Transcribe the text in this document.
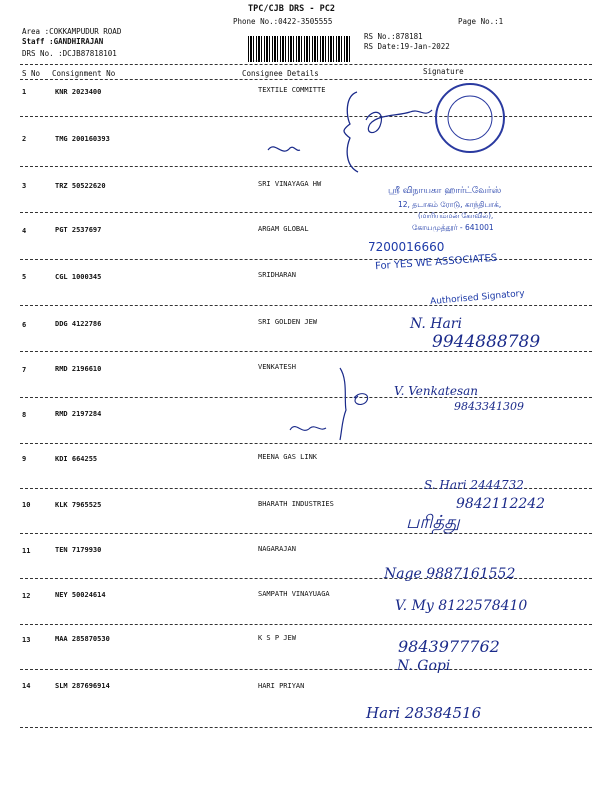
TPC/CJB DRS - PC2
Phone No.:0422-3505555	Page No.:1
Area :COKKAMPUDUR ROAD
Staff :GANDHIRAJAN
DRS No. :DCJB87818101
RS No.:878181
RS Date:19-Jan-2022
S No Consignment No	Consignee Details	Signature
1	KNR 2023400	TEXTILE COMMITTE
2	TMG 200160393
3	TRZ 50522620	SRI VINAYAGA HW
4	PGT 2537697	ARGAM GLOBAL
5	CGL 1000345	SRIDHARAN
6	DDG 4122786	SRI GOLDEN JEW
7	RMD 2196610	VENKATESH
8	RMD 2197284
9	KDI 664255	MEENA GAS LINK
10	KLK 7965525	BHARATH INDUSTRIES
11	TEN 7179930	NAGARAJAN
12	NEY 50024614	SAMPATH VINAYUAGA
13	MAA 285870530	K S P JEW
14	SLM 287696914	HARI PRIYAN
ஸ்ரீ விநாயகா ஹார்ட்வேர்ஸ்
12, தடாகம் ரோடு, காந்திபாக்,
(மாரியம்மன் கோவில்),
கோயமுத்தூர் - 641001
7200016660
For YES WE ASSOCIATES
Authorised Signatory
N. Hari
9944888789
V. Venkatesan
9843341309
S. Hari 2444732
9842112242
பரித்து
Nage 9887161552
V. My 8122578410
9843977762
N. Gopi
Hari 28384516
